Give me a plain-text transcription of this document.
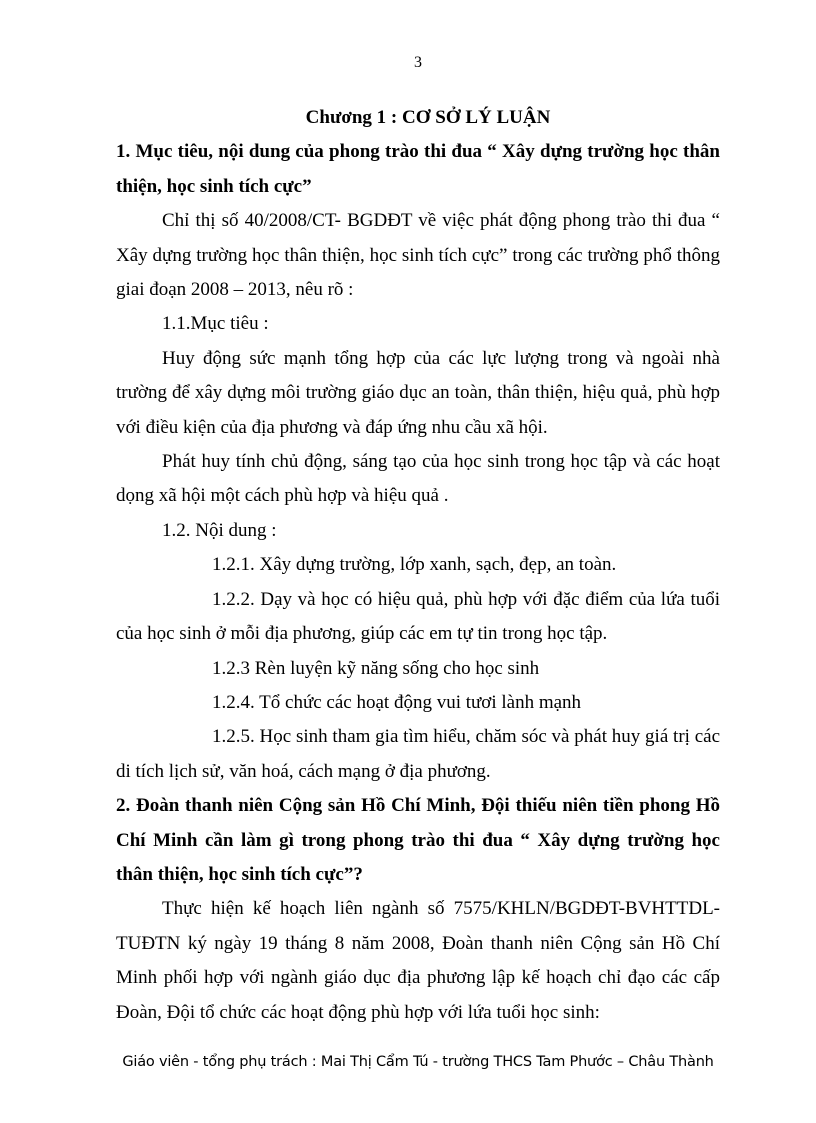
3
Chương 1 : CƠ SỞ LÝ LUẬN

1. Mục tiêu, nội dung của phong trào thi đua “ Xây dựng trường học thân thiện, học sinh tích cực”

Chỉ thị số 40/2008/CT- BGDĐT về việc phát động phong trào thi đua “ Xây dựng trường học thân thiện, học sinh tích cực” trong các trường phổ thông giai đoạn 2008 – 2013, nêu rõ :

1.1.Mục tiêu :

Huy động sức mạnh tổng hợp của các lực lượng trong và ngoài nhà trường để xây dựng môi trường giáo dục an toàn, thân thiện, hiệu quả, phù hợp với điều kiện của địa phương và đáp ứng nhu cầu xã hội.

Phát huy tính chủ động, sáng tạo của học sinh trong học tập và các hoạt dọng xã hội một cách phù hợp và hiệu quả .

1.2. Nội dung :

1.2.1. Xây dựng trường, lớp xanh, sạch, đẹp, an toàn.

1.2.2. Dạy và học có hiệu quả, phù hợp với đặc điểm của lứa tuổi của học sinh ở mỗi địa phương, giúp các em tự tin trong học tập.

1.2.3 Rèn luyện kỹ năng sống cho học sinh

1.2.4. Tổ chức các hoạt động vui tươi lành mạnh

1.2.5. Học sinh tham gia tìm hiểu, chăm sóc và phát huy giá trị các di tích lịch sử, văn hoá, cách mạng ở địa phương.

2. Đoàn thanh niên Cộng sản Hồ Chí Minh, Đội thiếu niên tiền phong Hồ Chí Minh cần làm gì trong phong trào thi đua “ Xây dựng trường học thân thiện, học sinh tích cực”?

Thực hiện kế hoạch liên ngành số 7575/KHLN/BGDĐT-BVHTTDL-TUĐTN ký ngày 19 tháng 8 năm 2008, Đoàn thanh niên Cộng sản Hồ Chí Minh phối hợp với ngành giáo dục địa phương lập kế hoạch chỉ đạo các cấp Đoàn, Đội tổ chức các hoạt động phù hợp với lứa tuổi học sinh:

Giáo viên - tổng phụ trách : Mai Thị Cẩm Tú - trường THCS Tam Phước – Châu Thành
